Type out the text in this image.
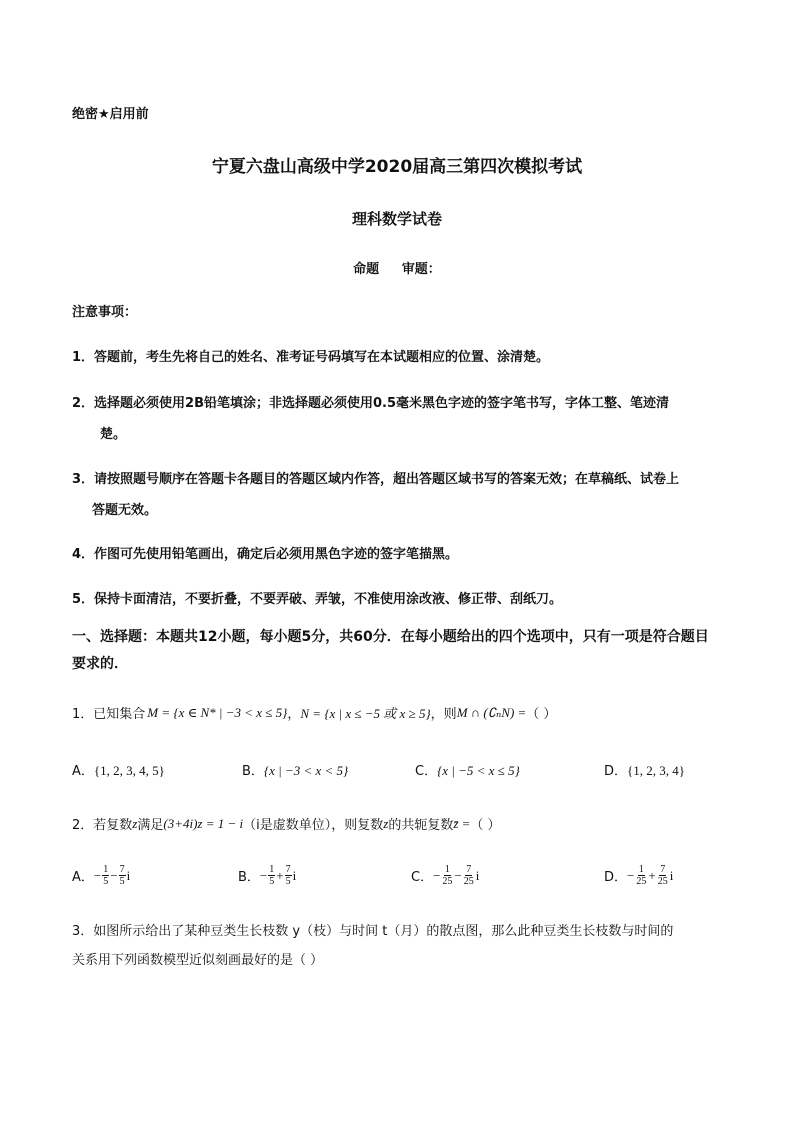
绝密★启用前
宁夏六盘山高级中学2020届高三第四次模拟考试
理科数学试卷
命题     审题：
注意事项：
1．答题前，考生先将自己的姓名、准考证号码填写在本试题相应的位置、涂清楚。
2．选择题必须使用2B铅笔填涂；非选择题必须使用0.5毫米黑色字迹的签字笔书写，字体工整、笔迹清
楚。
3．请按照题号顺序在答题卡各题目的答题区域内作答，超出答题区域书写的答案无效；在草稿纸、试卷上
答题无效。
4．作图可先使用铅笔画出，确定后必须用黑色字迹的签字笔描黑。
5．保持卡面清洁，不要折叠，不要弄破、弄皱，不准使用涂改液、修正带、刮纸刀。
一、选择题：本题共12小题，每小题5分，共60分．在每小题给出的四个选项中，只有一项是符合题目
要求的．
1．已知集合 M = {x ∈ N* | −3 < x ≤ 5} ， N = {x | x ≤ −5 或 x ≥ 5} ，则 M ∩ (∁ₙN) = （ ）
A．{1, 2, 3, 4, 5}	B．{x | −3 < x < 5}	C．{x | −5 < x ≤ 5}	D．{1, 2, 3, 4}
2．若复数 z 满足 (3+4i)z = 1 − i （i是虚数单位），则复数 z 的共轭复数 z̄ = （ ）
A． − $\frac{1}{5} - \frac{7}{5}$ i	B． − $\frac{1}{5} + \frac{7}{5}$ i	C． − $\frac{1}{25} - \frac{7}{25}$ i	D． − $\frac{1}{25} + \frac{7}{25}$ i
3．如图所示给出了某种豆类生长枝数 y（枝）与时间 t（月）的散点图，那么此种豆类生长枝数与时间的
关系用下列函数模型近似刻画最好的是（ ）
